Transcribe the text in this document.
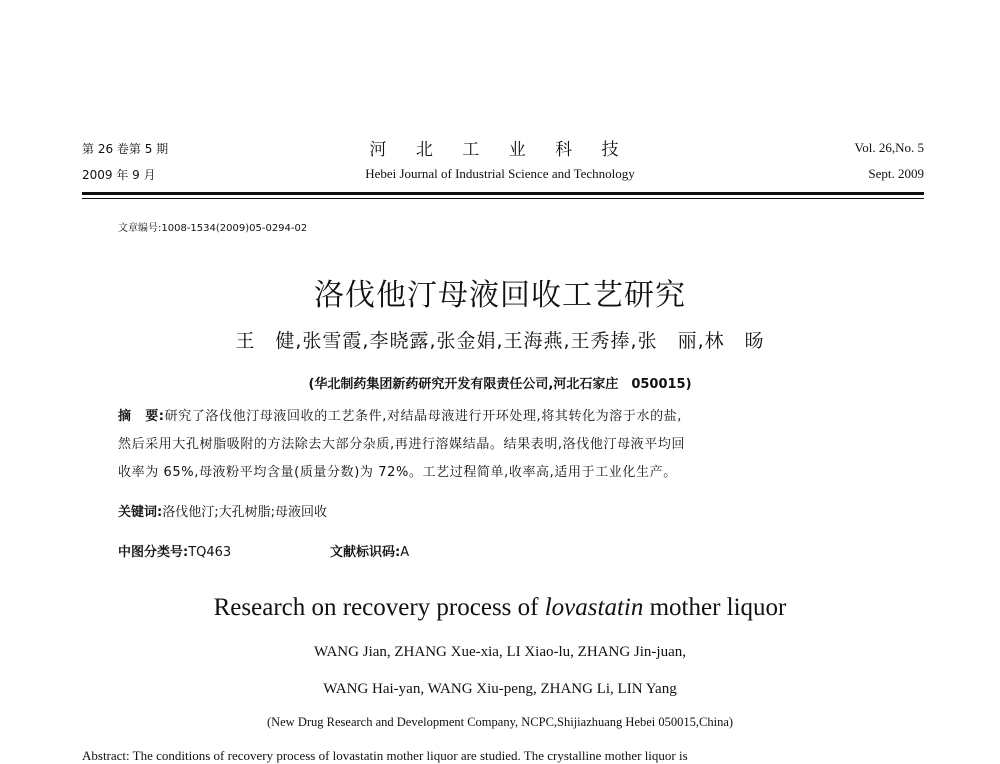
第 26 卷第 5 期
2009 年 9 月
河 北 工 业 科 技
Hebei Journal of Industrial Science and Technology
Vol. 26,No. 5
Sept. 2009
文章编号:1008-1534(2009)05-0294-02
洛伐他汀母液回收工艺研究
王　健,张雪霞,李晓露,张金娟,王海燕,王秀捧,张　丽,林　旸
(华北制药集团新药研究开发有限责任公司,河北石家庄　050015)
摘　要:研究了洛伐他汀母液回收的工艺条件,对结晶母液进行开环处理,将其转化为溶于水的盐,
然后采用大孔树脂吸附的方法除去大部分杂质,再进行溶媒结晶。结果表明,洛伐他汀母液平均回
收率为 65%,母液粉平均含量(质量分数)为 72%。工艺过程简单,收率高,适用于工业化生产。
关键词:洛伐他汀;大孔树脂;母液回收
中图分类号:TQ463	文献标识码:A
Research on recovery process of lovastatin mother liquor
WANG Jian, ZHANG Xue-xia, LI Xiao-lu, ZHANG Jin-juan,
WANG Hai-yan, WANG Xiu-peng, ZHANG Li, LIN Yang
(New Drug Research and Development Company, NCPC,Shijiazhuang Hebei 050015,China)
Abstract: The conditions of recovery process of lovastatin mother liquor are studied. The crystalline mother liquor is
